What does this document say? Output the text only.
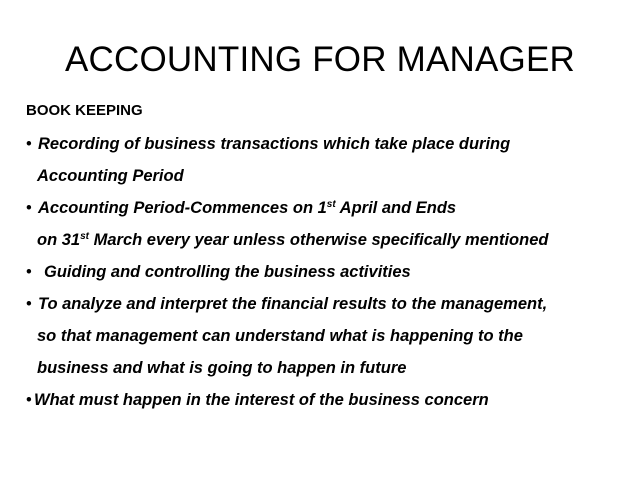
ACCOUNTING FOR MANAGER
BOOK KEEPING
• Recording of business transactions which take place during
Accounting Period
• Accounting Period-Commences on 1st April and Ends
on 31st March every year unless otherwise specifically mentioned
• Guiding and controlling the business activities
• To analyze and interpret the financial results to the management,
so that management can understand what is happening to the
business and what is going to happen in future
• What must happen in the interest of the business concern
